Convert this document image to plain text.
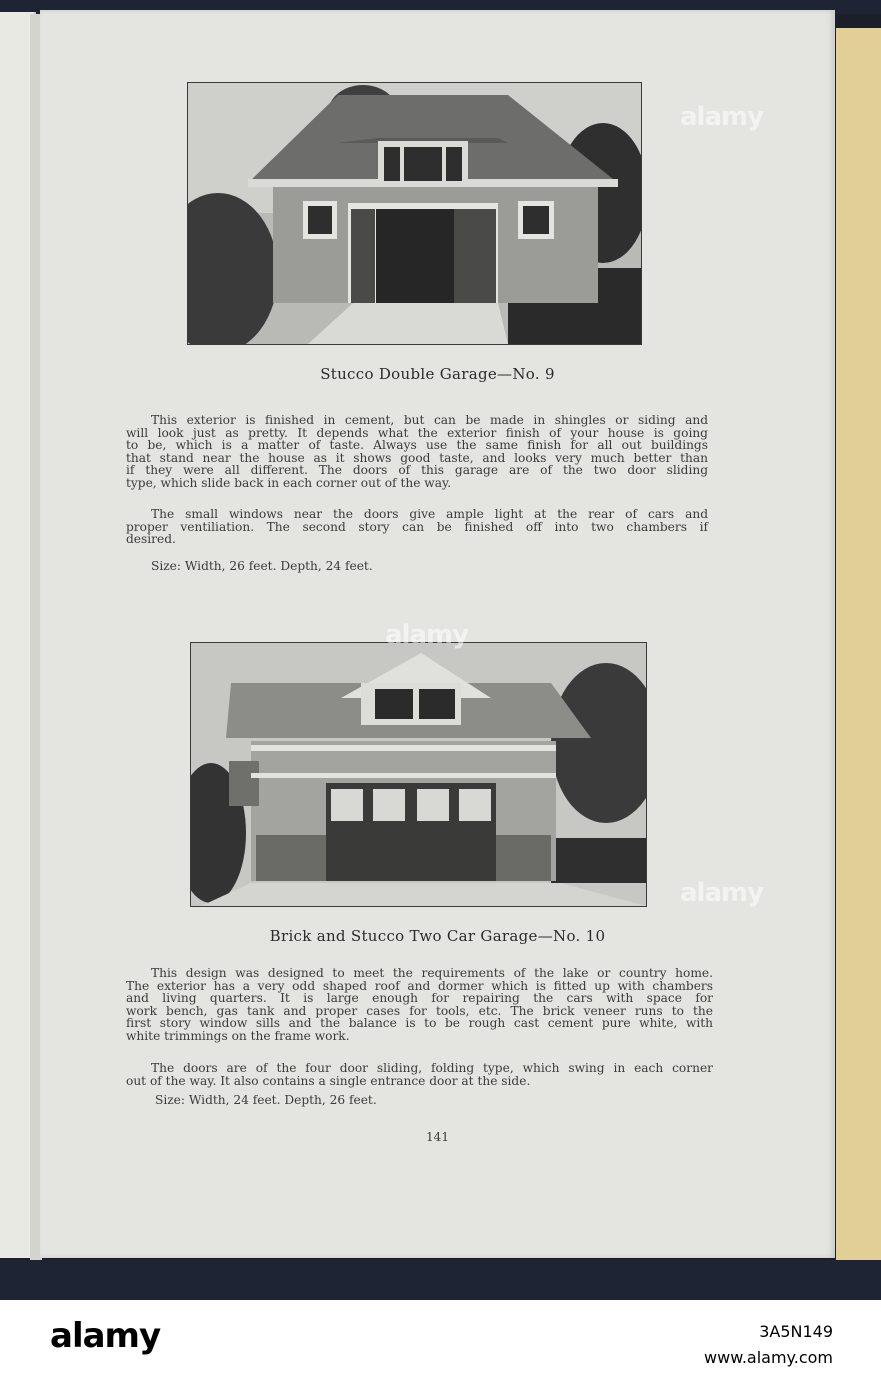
Stucco Double Garage—No. 9
This exterior is finished in cement, but can be made in shingles or siding and
will look just as pretty. It depends what the exterior finish of your house is going
to be, which is a matter of taste. Always use the same finish for all out buildings
that stand near the house as it shows good taste, and looks very much better than
if they were all different. The doors of this garage are of the two door sliding
type, which slide back in each corner out of the way.
The small windows near the doors give ample light at the rear of cars and
proper ventiliation. The second story can be finished off into two chambers if
desired.
Size: Width, 26 feet. Depth, 24 feet.
Brick and Stucco Two Car Garage—No. 10
This design was designed to meet the requirements of the lake or country home.
The exterior has a very odd shaped roof and dormer which is fitted up with chambers
and living quarters. It is large enough for repairing the cars with space for
work bench, gas tank and proper cases for tools, etc. The brick veneer runs to the
first story window sills and the balance is to be rough cast cement pure white, with
white trimmings on the frame work.
The doors are of the four door sliding, folding type, which swing in each corner
out of the way. It also contains a single entrance door at the side.
Size: Width, 24 feet. Depth, 26 feet.
141
alamy
alamy
alamy
alamy	3A5N149
www.alamy.com
